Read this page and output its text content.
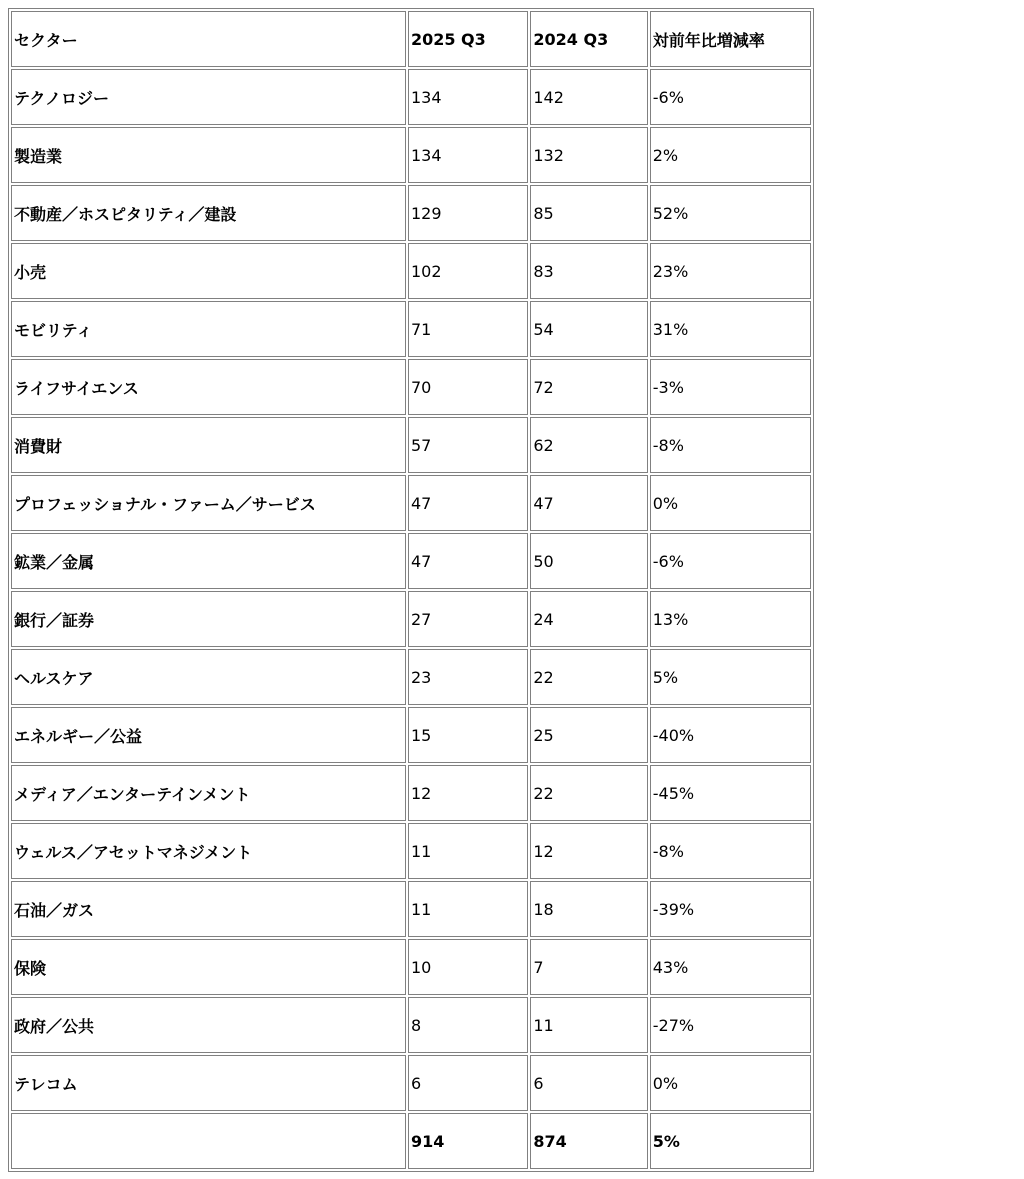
セクター	2025 Q3	2024 Q3	対前年比増減率
テクノロジー	134	142	-6%
製造業	134	132	2%
不動産／ホスピタリティ／建設	129	85	52%
小売	102	83	23%
モビリティ	71	54	31%
ライフサイエンス	70	72	-3%
消費財	57	62	-8%
プロフェッショナル・ファーム／サービス	47	47	0%
鉱業／金属	47	50	-6%
銀行／証券	27	24	13%
ヘルスケア	23	22	5%
エネルギー／公益	15	25	-40%
メディア／エンターテインメント	12	22	-45%
ウェルス／アセットマネジメント	11	12	-8%
石油／ガス	11	18	-39%
保険	10	7	43%
政府／公共	8	11	-27%
テレコム	6	6	0%
	914	874	5%
